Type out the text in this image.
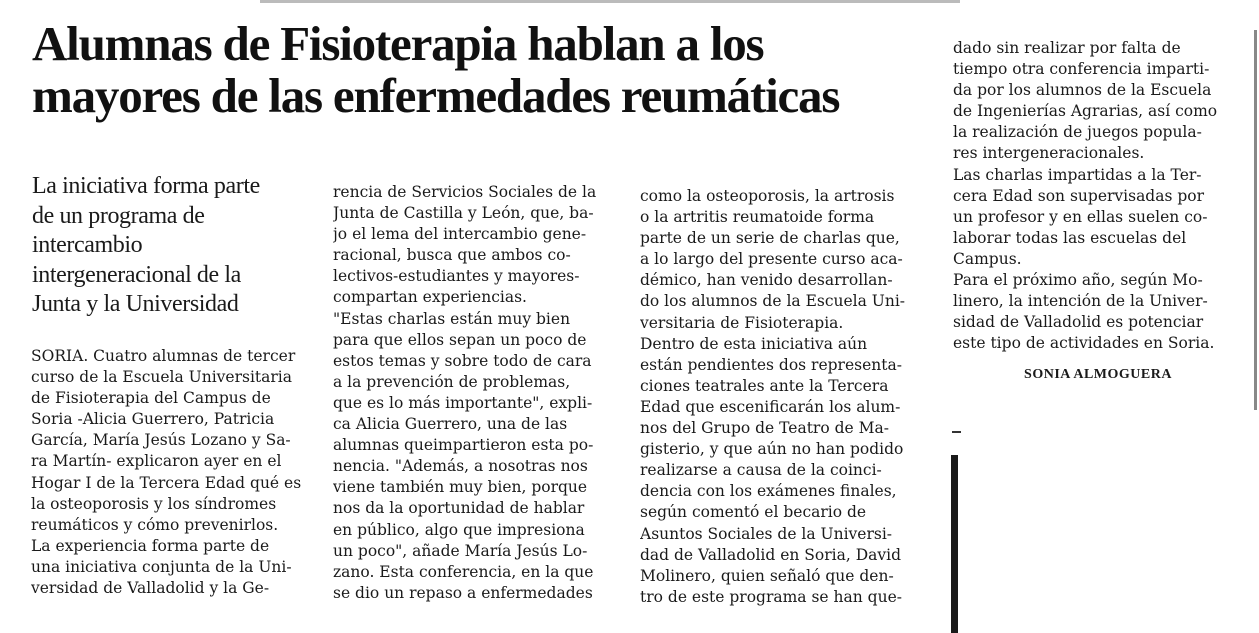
Alumnas de Fisioterapia hablan a los
mayores de las enfermedades reumáticas
La iniciativa forma parte
de un programa de
intercambio
intergeneracional de la
Junta y la Universidad
SORIA. Cuatro alumnas de tercer
curso de la Escuela Universitaria
de Fisioterapia del Campus de
Soria -Alicia Guerrero, Patricia
García, María Jesús Lozano y Sa-
ra Martín- explicaron ayer en el
Hogar I de la Tercera Edad qué es
la osteoporosis y los síndromes
reumáticos y cómo prevenirlos.
La experiencia forma parte de
una iniciativa conjunta de la Uni-
versidad de Valladolid y la Ge-
rencia de Servicios Sociales de la
Junta de Castilla y León, que, ba-
jo el lema del intercambio gene-
racional, busca que ambos co-
lectivos-estudiantes y mayores-
compartan experiencias.
"Estas charlas están muy bien
para que ellos sepan un poco de
estos temas y sobre todo de cara
a la prevención de problemas,
que es lo más importante", expli-
ca Alicia Guerrero, una de las
alumnas queimpartieron esta po-
nencia. "Además, a nosotras nos
viene también muy bien, porque
nos da la oportunidad de hablar
en público, algo que impresiona
un poco", añade María Jesús Lo-
zano. Esta conferencia, en la que
se dio un repaso a enfermedades
como la osteoporosis, la artrosis
o la artritis reumatoide forma
parte de un serie de charlas que,
a lo largo del presente curso aca-
démico, han venido desarrollan-
do los alumnos de la Escuela Uni-
versitaria de Fisioterapia.
Dentro de esta iniciativa aún
están pendientes dos representa-
ciones teatrales ante la Tercera
Edad que escenificarán los alum-
nos del Grupo de Teatro de Ma-
gisterio, y que aún no han podido
realizarse a causa de la coinci-
dencia con los exámenes finales,
según comentó el becario de
Asuntos Sociales de la Universi-
dad de Valladolid en Soria, David
Molinero, quien señaló que den-
tro de este programa se han que-
dado sin realizar por falta de
tiempo otra conferencia imparti-
da por los alumnos de la Escuela
de Ingenierías Agrarias, así como
la realización de juegos popula-
res intergeneracionales.
Las charlas impartidas a la Ter-
cera Edad son supervisadas por
un profesor y en ellas suelen co-
laborar todas las escuelas del
Campus.
Para el próximo año, según Mo-
linero, la intención de la Univer-
sidad de Valladolid es potenciar
este tipo de actividades en Soria.
SONIA ALMOGUERA
